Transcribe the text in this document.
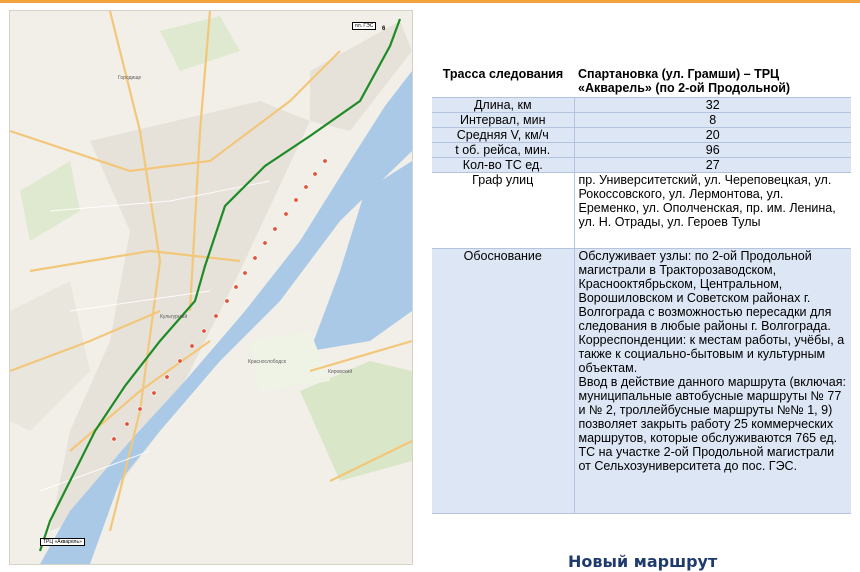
Городище
Краснослободск
Культурный
Кировский
пл. ГЭС	6
ТРЦ «Акварель»
Трасса следования	Спартановка (ул. Грамши) – ТРЦ «Акварель» (по 2-ой Продольной)
Длина, км	32
Интервал, мин	8
Средняя V, км/ч	20
t об. рейса, мин.	96
Кол-во ТС ед.	27
Граф улиц	пр. Университетский, ул. Череповецкая, ул. Рокоссовского, ул. Лермонтова, ул. Еременко, ул. Ополченская, пр. им. Ленина, ул. Н. Отрады, ул. Героев Тулы
Обоснование	Обслуживает узлы: по 2-ой Продольной магистрали в Тракторозаводском, Краснооктябрьском, Центральном, Ворошиловском и Советском районах г. Волгограда с возможностью пересадки для следования в любые районы г. Волгограда.

Корреспонденции: к местам работы, учёбы, а также к социально-бытовым и культурным объектам.

Ввод в действие данного маршрута (включая: муниципальные автобусные маршруты № 77 и № 2, троллейбусные маршруты №№ 1, 9) позволяет закрыть работу 25 коммерческих маршрутов, которые обслуживаются 765 ед. ТС на участке 2-ой Продольной магистрали от Сельхозуниверситета до пос. ГЭС.

Новый маршрут
